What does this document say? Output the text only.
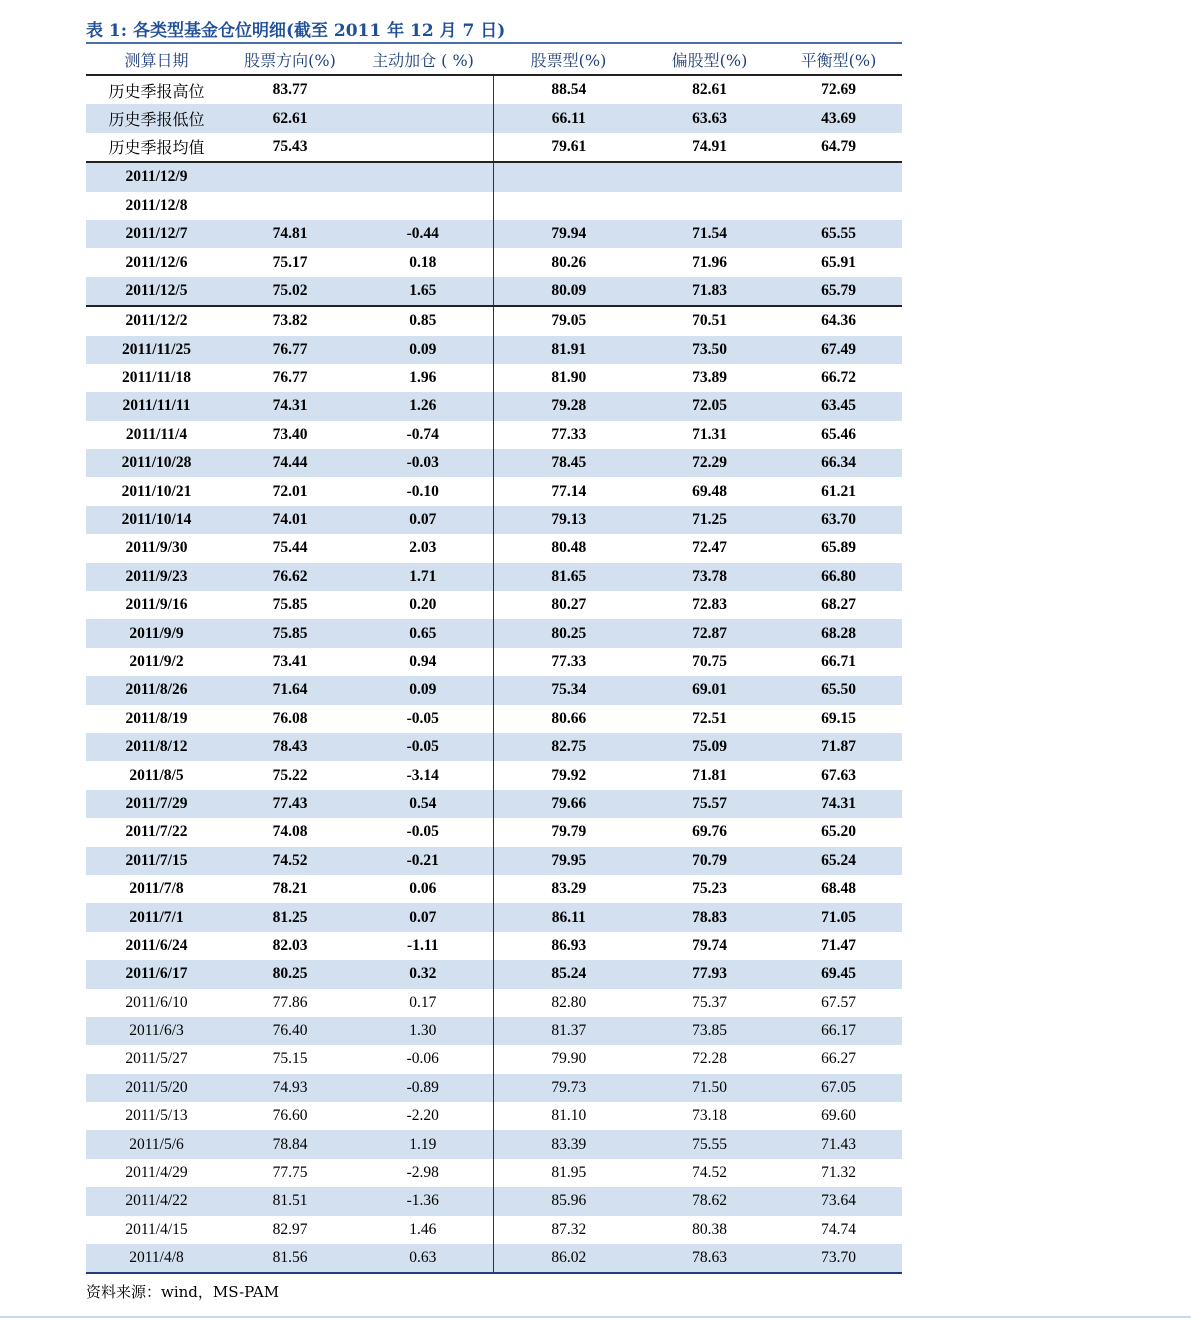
表 1: 各类型基金仓位明细(截至 2011 年 12 月 7 日)
测算日期	股票方向(%)	主动加仓 ( %)	股票型(%)	偏股型(%)	平衡型(%)
历史季报高位	83.77		88.54	82.61	72.69
历史季报低位	62.61		66.11	63.63	43.69
历史季报均值	75.43		79.61	74.91	64.79
2011/12/9					
2011/12/8					
2011/12/7	74.81	-0.44	79.94	71.54	65.55
2011/12/6	75.17	0.18	80.26	71.96	65.91
2011/12/5	75.02	1.65	80.09	71.83	65.79
2011/12/2	73.82	0.85	79.05	70.51	64.36
2011/11/25	76.77	0.09	81.91	73.50	67.49
2011/11/18	76.77	1.96	81.90	73.89	66.72
2011/11/11	74.31	1.26	79.28	72.05	63.45
2011/11/4	73.40	-0.74	77.33	71.31	65.46
2011/10/28	74.44	-0.03	78.45	72.29	66.34
2011/10/21	72.01	-0.10	77.14	69.48	61.21
2011/10/14	74.01	0.07	79.13	71.25	63.70
2011/9/30	75.44	2.03	80.48	72.47	65.89
2011/9/23	76.62	1.71	81.65	73.78	66.80
2011/9/16	75.85	0.20	80.27	72.83	68.27
2011/9/9	75.85	0.65	80.25	72.87	68.28
2011/9/2	73.41	0.94	77.33	70.75	66.71
2011/8/26	71.64	0.09	75.34	69.01	65.50
2011/8/19	76.08	-0.05	80.66	72.51	69.15
2011/8/12	78.43	-0.05	82.75	75.09	71.87
2011/8/5	75.22	-3.14	79.92	71.81	67.63
2011/7/29	77.43	0.54	79.66	75.57	74.31
2011/7/22	74.08	-0.05	79.79	69.76	65.20
2011/7/15	74.52	-0.21	79.95	70.79	65.24
2011/7/8	78.21	0.06	83.29	75.23	68.48
2011/7/1	81.25	0.07	86.11	78.83	71.05
2011/6/24	82.03	-1.11	86.93	79.74	71.47
2011/6/17	80.25	0.32	85.24	77.93	69.45
2011/6/10	77.86	0.17	82.80	75.37	67.57
2011/6/3	76.40	1.30	81.37	73.85	66.17
2011/5/27	75.15	-0.06	79.90	72.28	66.27
2011/5/20	74.93	-0.89	79.73	71.50	67.05
2011/5/13	76.60	-2.20	81.10	73.18	69.60
2011/5/6	78.84	1.19	83.39	75.55	71.43
2011/4/29	77.75	-2.98	81.95	74.52	71.32
2011/4/22	81.51	-1.36	85.96	78.62	73.64
2011/4/15	82.97	1.46	87.32	80.38	74.74
2011/4/8	81.56	0.63	86.02	78.63	73.70
资料来源：wind，MS-PAM
